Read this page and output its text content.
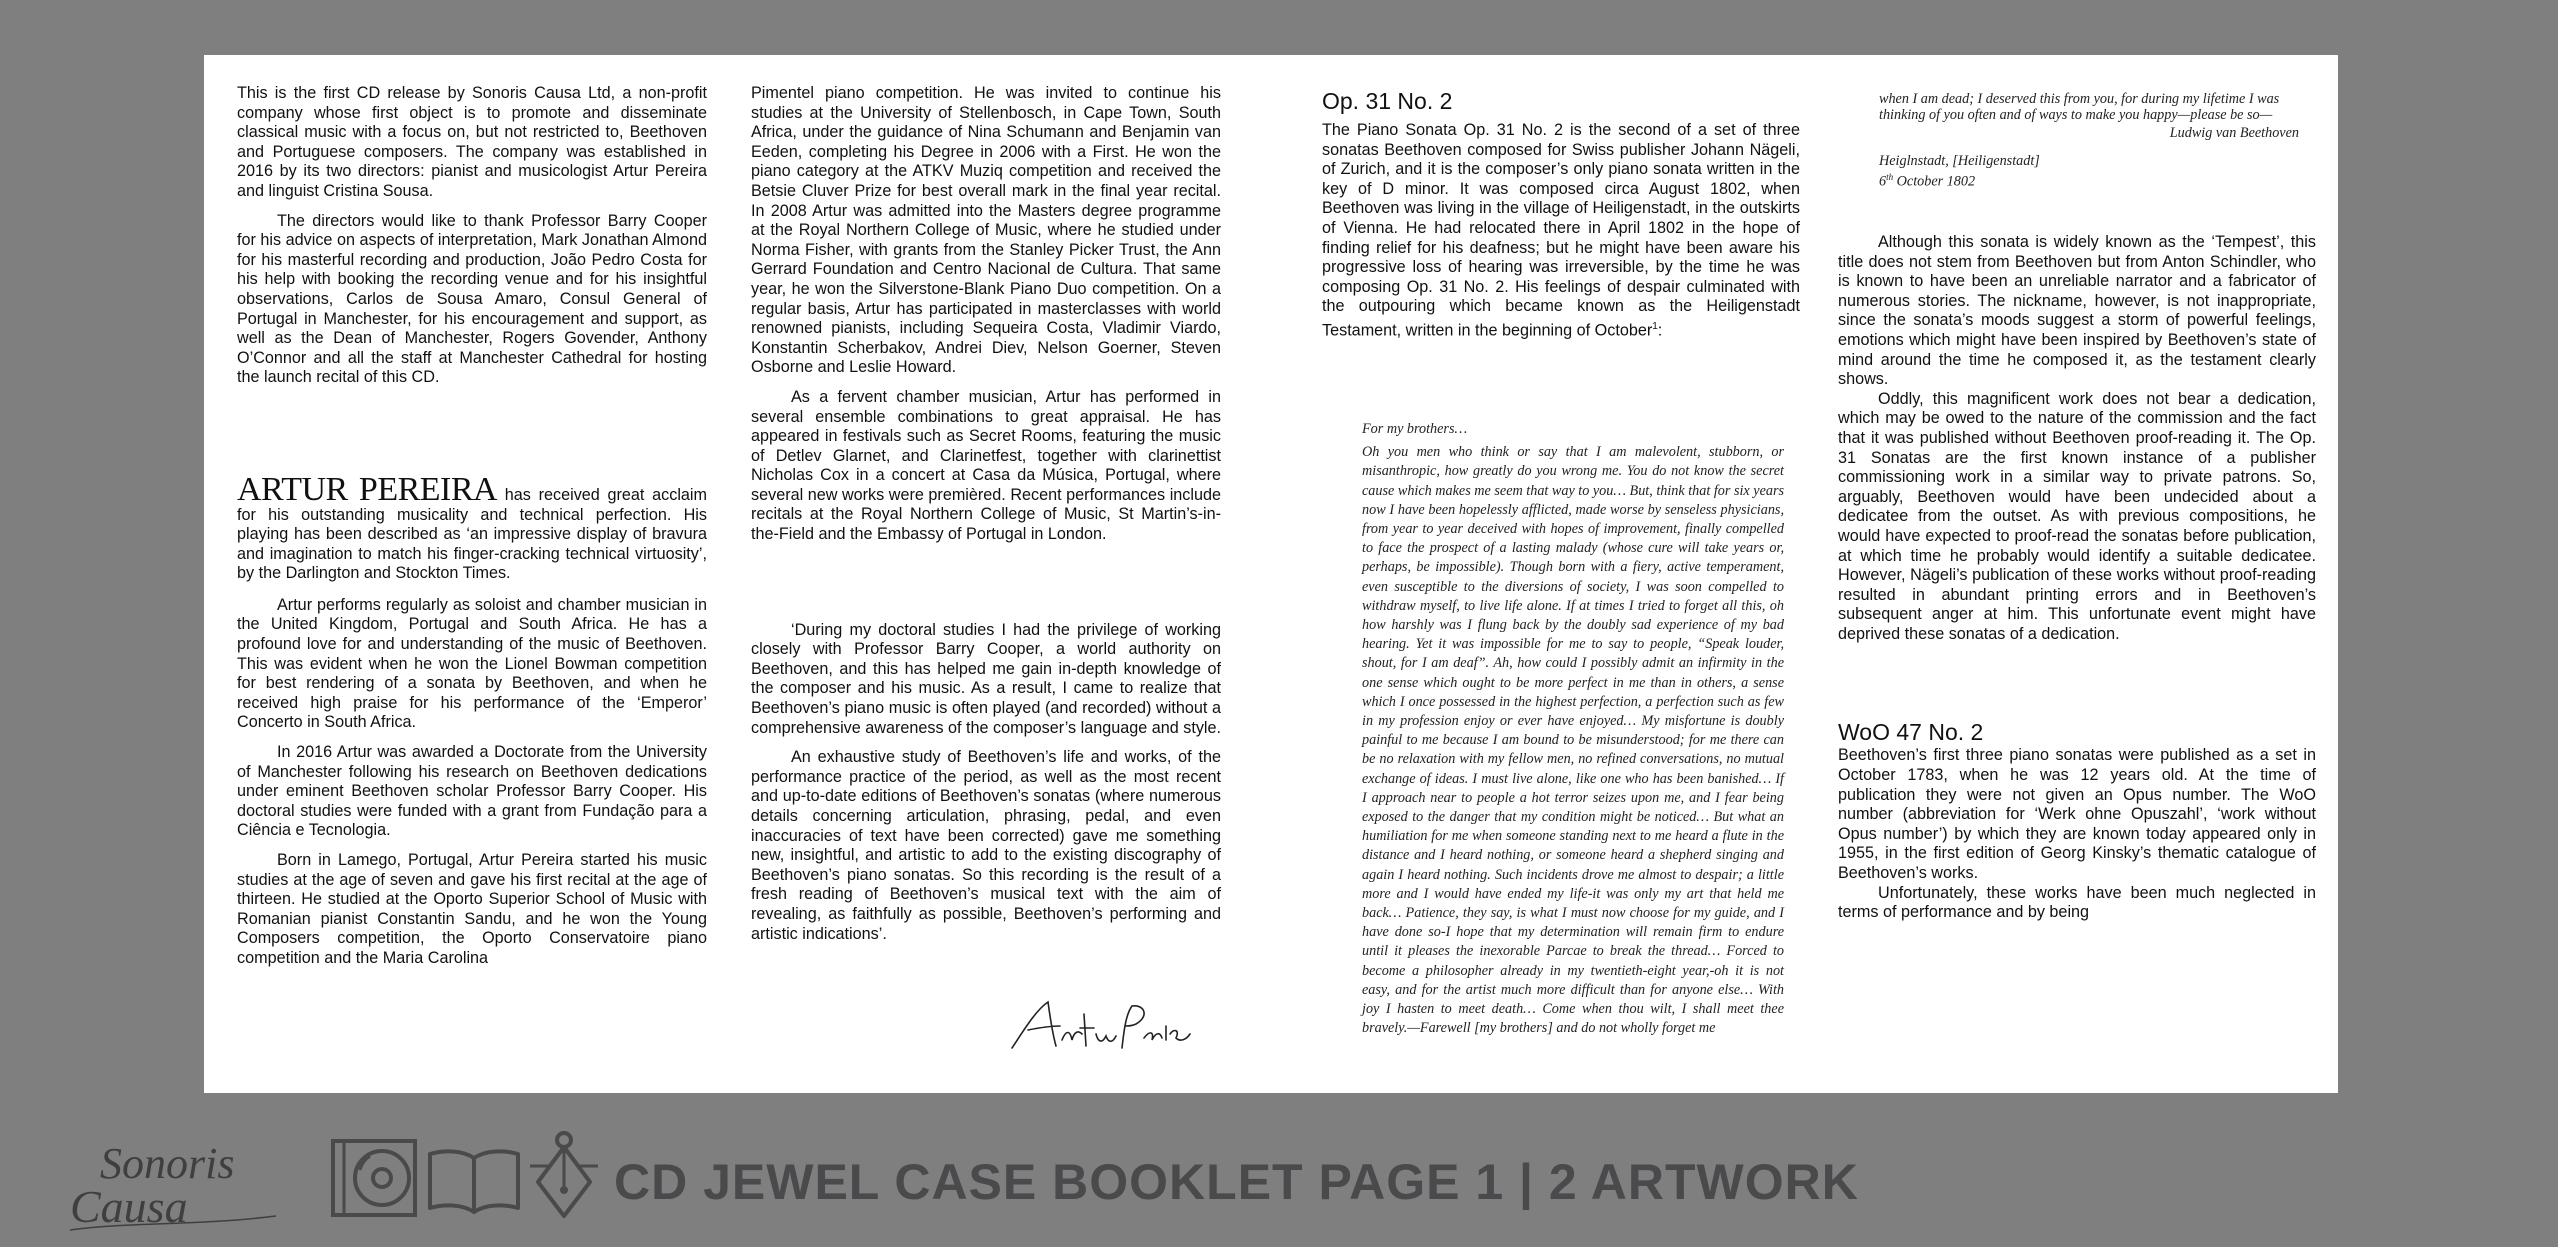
This is the first CD release by Sonoris Causa Ltd, a non-profit company whose first object is to promote and disseminate classical music with a focus on, but not restricted to, Beethoven and Portuguese composers. The company was established in 2016 by its two directors: pianist and musicologist Artur Pereira and linguist Cristina Sousa.

The directors would like to thank Professor Barry Cooper for his advice on aspects of interpretation, Mark Jonathan Almond for his masterful recording and production, João Pedro Costa for his help with booking the recording venue and for his insightful observations, Carlos de Sousa Amaro, Consul General of Portugal in Manchester, for his encouragement and support, as well as the Dean of Manchester, Rogers Govender, Anthony O’Connor and all the staff at Manchester Cathedral for hosting the launch recital of this CD.

ARTUR PEREIRA has received great acclaim for his outstanding musicality and technical perfection. His playing has been described as ‘an impressive display of bravura and imagination to match his finger-cracking technical virtuosity’, by the Darlington and Stockton Times.

Artur performs regularly as soloist and chamber musician in the United Kingdom, Portugal and South Africa. He has a profound love for and understanding of the music of Beethoven. This was evident when he won the Lionel Bowman competition for best rendering of a sonata by Beethoven, and when he received high praise for his performance of the ‘Emperor’ Concerto in South Africa.

In 2016 Artur was awarded a Doctorate from the University of Manchester following his research on Beethoven dedications under eminent Beethoven scholar Professor Barry Cooper. His doctoral studies were funded with a grant from Fundação para a Ciência e Tecnologia.

Born in Lamego, Portugal, Artur Pereira started his music studies at the age of seven and gave his first recital at the age of thirteen. He studied at the Oporto Superior School of Music with Romanian pianist Constantin Sandu, and he won the Young Composers competition, the Oporto Conservatoire piano competition and the Maria Carolina

Pimentel piano competition. He was invited to continue his studies at the University of Stellenbosch, in Cape Town, South Africa, under the guidance of Nina Schumann and Benjamin van Eeden, completing his Degree in 2006 with a First. He won the piano category at the ATKV Muziq competition and received the Betsie Cluver Prize for best overall mark in the final year recital. In 2008 Artur was admitted into the Masters degree programme at the Royal Northern College of Music, where he studied under Norma Fisher, with grants from the Stanley Picker Trust, the Ann Gerrard Foundation and Centro Nacional de Cultura. That same year, he won the Silverstone-Blank Piano Duo competition. On a regular basis, Artur has participated in masterclasses with world renowned pianists, including Sequeira Costa, Vladimir Viardo, Konstantin Scherbakov, Andrei Diev, Nelson Goerner, Steven Osborne and Leslie Howard.

As a fervent chamber musician, Artur has performed in several ensemble combinations to great appraisal. He has appeared in festivals such as Secret Rooms, featuring the music of Detlev Glarnet, and Clarinetfest, together with clarinettist Nicholas Cox in a concert at Casa da Música, Portugal, where several new works were premièred. Recent performances include recitals at the Royal Northern College of Music, St Martin’s-in-the-Field and the Embassy of Portugal in London.

‘During my doctoral studies I had the privilege of working closely with Professor Barry Cooper, a world authority on Beethoven, and this has helped me gain in-depth knowledge of the composer and his music. As a result, I came to realize that Beethoven’s piano music is often played (and recorded) without a comprehensive awareness of the composer’s language and style.

An exhaustive study of Beethoven’s life and works, of the performance practice of the period, as well as the most recent and up-to-date editions of Beethoven’s sonatas (where numerous details concerning articulation, phrasing, pedal, and even inaccuracies of text have been corrected) gave me something new, insightful, and artistic to add to the existing discography of Beethoven’s piano sonatas. So this recording is the result of a fresh reading of Beethoven’s musical text with the aim of revealing, as faithfully as possible, Beethoven’s performing and artistic indications’.

Op. 31 No. 2

The Piano Sonata Op. 31 No. 2 is the second of a set of three sonatas Beethoven composed for Swiss publisher Johann Nägeli, of Zurich, and it is the composer’s only piano sonata written in the key of D minor. It was composed circa August 1802, when Beethoven was living in the village of Heiligenstadt, in the outskirts of Vienna. He had relocated there in April 1802 in the hope of finding relief for his deafness; but he might have been aware his progressive loss of hearing was irreversible, by the time he was composing Op. 31 No. 2. His feelings of despair culminated with the outpouring which became known as the Heiligenstadt Testament, written in the beginning of October$^1$:

Although this sonata is widely known as the ‘Tempest’, this title does not stem from Beethoven but from Anton Schindler, who is known to have been an unreliable narrator and a fabricator of numerous stories. The nickname, however, is not inappropriate, since the sonata’s moods suggest a storm of powerful feelings, emotions which might have been inspired by Beethoven’s state of mind around the time he composed it, as the testament clearly shows.

Oddly, this magnificent work does not bear a dedication, which may be owed to the nature of the commission and the fact that it was published without Beethoven proof-reading it. The Op. 31 Sonatas are the first known instance of a publisher commissioning work in a similar way to private patrons. So, arguably, Beethoven would have been undecided about a dedicatee from the outset. As with previous compositions, he would have expected to proof-read the sonatas before publication, at which time he probably would identify a suitable dedicatee. However, Nägeli’s publication of these works without proof-reading resulted in abundant printing errors and in Beethoven’s subsequent anger at him. This unfortunate event might have deprived these sonatas of a dedication.

WoO 47 No. 2

Beethoven’s first three piano sonatas were published as a set in October 1783, when he was 12 years old. At the time of publication they were not given an Opus number. The WoO number (abbreviation for ‘Werk ohne Opuszahl’, ‘work without Opus number’) by which they are known today appeared only in 1955, in the first edition of Georg Kinsky’s thematic catalogue of Beethoven’s works.

Unfortunately, these works have been much neglected in terms of performance and by being

For my brothers…
Oh you men who think or say that I am malevolent, stubborn, or misanthropic, how greatly do you wrong me. You do not know the secret cause which makes me seem that way to you… But, think that for six years now I have been hopelessly afflicted, made worse by senseless physicians, from year to year deceived with hopes of improvement, finally compelled to face the prospect of a lasting malady (whose cure will take years or, perhaps, be impossible). Though born with a fiery, active temperament, even susceptible to the diversions of society, I was soon compelled to withdraw myself, to live life alone. If at times I tried to forget all this, oh how harshly was I flung back by the doubly sad experience of my bad hearing. Yet it was impossible for me to say to people, “Speak louder, shout, for I am deaf”. Ah, how could I possibly admit an infirmity in the one sense which ought to be more perfect in me than in others, a sense which I once possessed in the highest perfection, a perfection such as few in my profession enjoy or ever have enjoyed… My misfortune is doubly painful to me because I am bound to be misunderstood; for me there can be no relaxation with my fellow men, no refined conversations, no mutual exchange of ideas. I must live alone, like one who has been banished… If I approach near to people a hot terror seizes upon me, and I fear being exposed to the danger that my condition might be noticed… But what an humiliation for me when someone standing next to me heard a flute in the distance and I heard nothing, or someone heard a shepherd singing and again I heard nothing. Such incidents drove me almost to despair; a little more and I would have ended my life-it was only my art that held me back… Patience, they say, is what I must now choose for my guide, and I have done so-I hope that my determination will remain firm to endure until it pleases the inexorable Parcae to break the thread… Forced to become a philosopher already in my twentieth-eight year,-oh it is not easy, and for the artist much more difficult than for anyone else… With joy I hasten to meet death… Come when thou wilt, I shall meet thee bravely.—Farewell [my brothers] and do not wholly forget me
when I am dead; I deserved this from you, for during my lifetime I was thinking of you often and of ways to make you happy—please be so—
Ludwig van Beethoven
Heiglnstadt, [Heiligenstadt]
6th October 1802
Sonoris
Causa	CD JEWEL CASE BOOKLET PAGE 1 | 2 ARTWORK
